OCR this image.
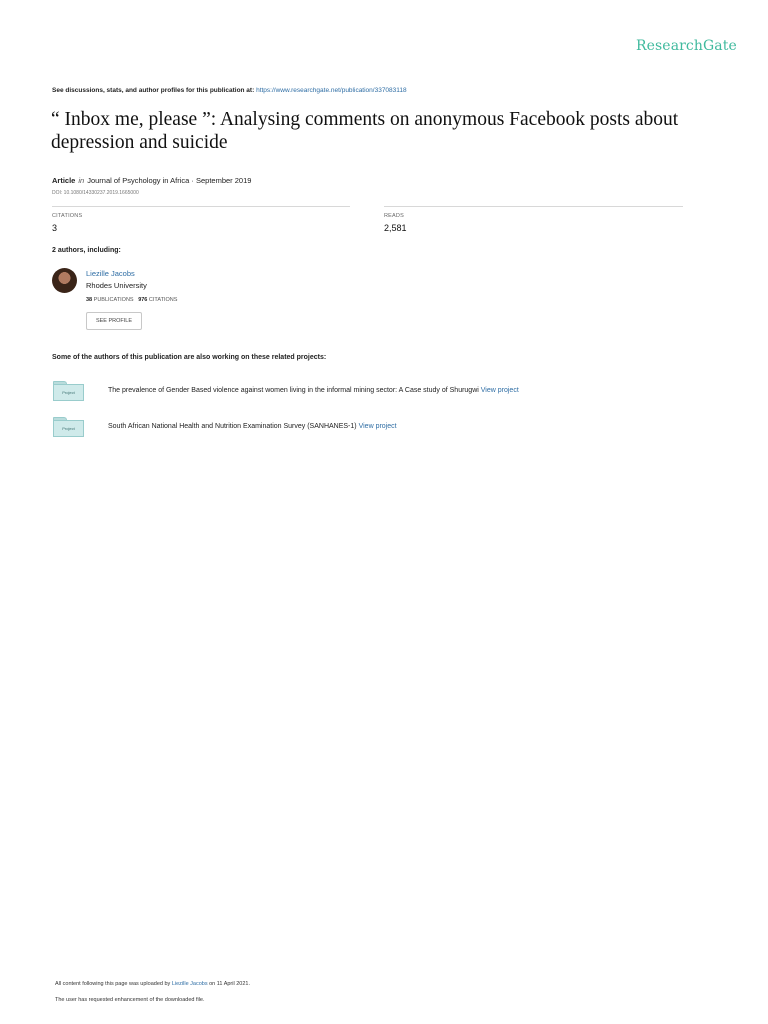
ResearchGate
See discussions, stats, and author profiles for this publication at: https://www.researchgate.net/publication/337083118
“ Inbox me, please ”: Analysing comments on anonymous Facebook posts about depression and suicide
Article in Journal of Psychology in Africa · September 2019
DOI: 10.1080/14330237.2019.1665000
CITATIONS
3
READS
2,581
2 authors, including:
Liezille Jacobs
Rhodes University
38 PUBLICATIONS 976 CITATIONS
SEE PROFILE
Some of the authors of this publication are also working on these related projects:
Project	The prevalence of Gender Based violence against women living in the informal mining sector: A Case study of Shurugwi View project
Project	South African National Health and Nutrition Examination Survey (SANHANES-1) View project
All content following this page was uploaded by Liezille Jacobs on 11 April 2021.
The user has requested enhancement of the downloaded file.
